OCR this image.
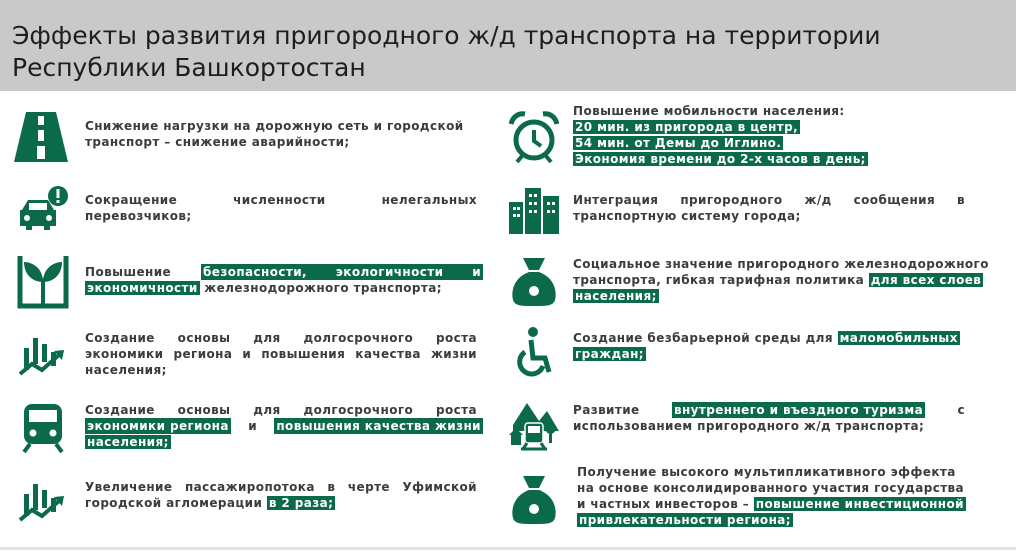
Эффекты развития пригородного ж/д транспорта на территории
Республики Башкортостан
Снижение нагрузки на дорожную сеть и городской
транспорт – снижение аварийности;
Сокращение	численности	нелегальных
перевозчиков;
Повышение	безопасности, экологичности и
экономичности железнодорожного транспорта;
Создание основы для долгосрочного роста
экономики региона и повышения качества жизни
населения;
Создание основы для долгосрочного роста
экономики региона и повышения качества жизни
населения;
Увеличение пассажиропотока в черте Уфимской
городской агломерации в 2 раза;
Повышение мобильности населения:
20 мин. из пригорода в центр,
54 мин. от Демы до Иглино.
Экономия времени до 2-х часов в день;
Интеграция пригородного ж/д сообщения в
транспортную систему города;
Социальное значение пригородного железнодорожного
транспорта, гибкая тарифная политика для всех слоев
населения;
Создание безбарьерной среды для маломобильных
граждан;
Развитие	внутреннего и въездного туризма	с
использованием пригородного ж/д транспорта;
Получение высокого мультипликативного эффекта
на основе консолидированного участия государства
и частных инвесторов – повышение инвестиционной
привлекательности региона;
